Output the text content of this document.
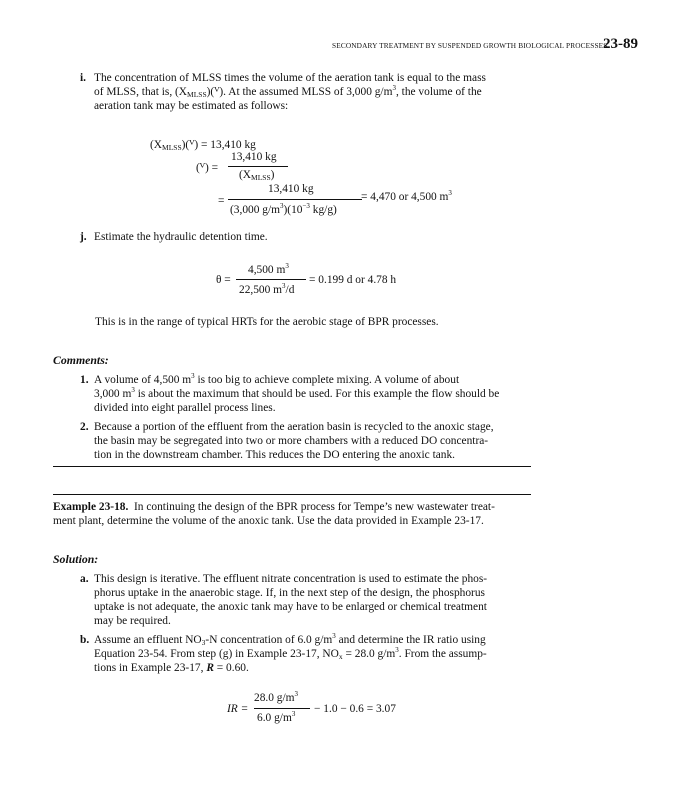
SECONDARY TREATMENT BY SUSPENDED GROWTH BIOLOGICAL PROCESSES
23-89
i. The concentration of MLSS times the volume of the aeration tank is equal to the mass
of MLSS, that is, $(X_{MLSS})(ⱽ)$. At the assumed MLSS of 3,000 $g/m^3$, the volume of the
aeration tank may be estimated as follows:
$(X_{MLSS})(ⱽ) = 13,410$ kg
(ⱽ) =
13,410 kg
$(X_{MLSS})$
=
13,410 kg
(3,000 $g/m^3)(10^{-3}$ kg/g)
= 4,470 or 4,500 $m^3$
j. Estimate the hydraulic detention time.
θ =
4,500 $m^3$
22,500 $m^3/d$
= 0.199 d or 4.78 h
This is in the range of typical HRTs for the aerobic stage of BPR processes.
Comments:
1. A volume of 4,500 $m^3$ is too big to achieve complete mixing. A volume of about
3,000 $m^3$ is about the maximum that should be used. For this example the flow should be
divided into eight parallel process lines.
2. Because a portion of the effluent from the aeration basin is recycled to the anoxic stage,
the basin may be segregated into two or more chambers with a reduced DO concentra-
tion in the downstream chamber. This reduces the DO entering the anoxic tank.
Example 23-18. In continuing the design of the BPR process for Tempe’s new wastewater treat-
ment plant, determine the volume of the anoxic tank. Use the data provided in Example 23-17.
Solution:
a. This design is iterative. The effluent nitrate concentration is used to estimate the phos-
phorus uptake in the anaerobic stage. If, in the next step of the design, the phosphorus
uptake is not adequate, the anoxic tank may have to be enlarged or chemical treatment
may be required.
b. Assume an effluent $NO_3-N$ concentration of 6.0 $g/m^3$ and determine the IR ratio using
Equation 23-54. From step (g) in Example 23-17, $NO_x = 28.0$ $g/m^3$. From the assump-
tions in Example 23-17, R = 0.60.
IR =
28.0 $g/m^3$
6.0 $g/m^3 - 1.0 - 0.6 = 3.07$
